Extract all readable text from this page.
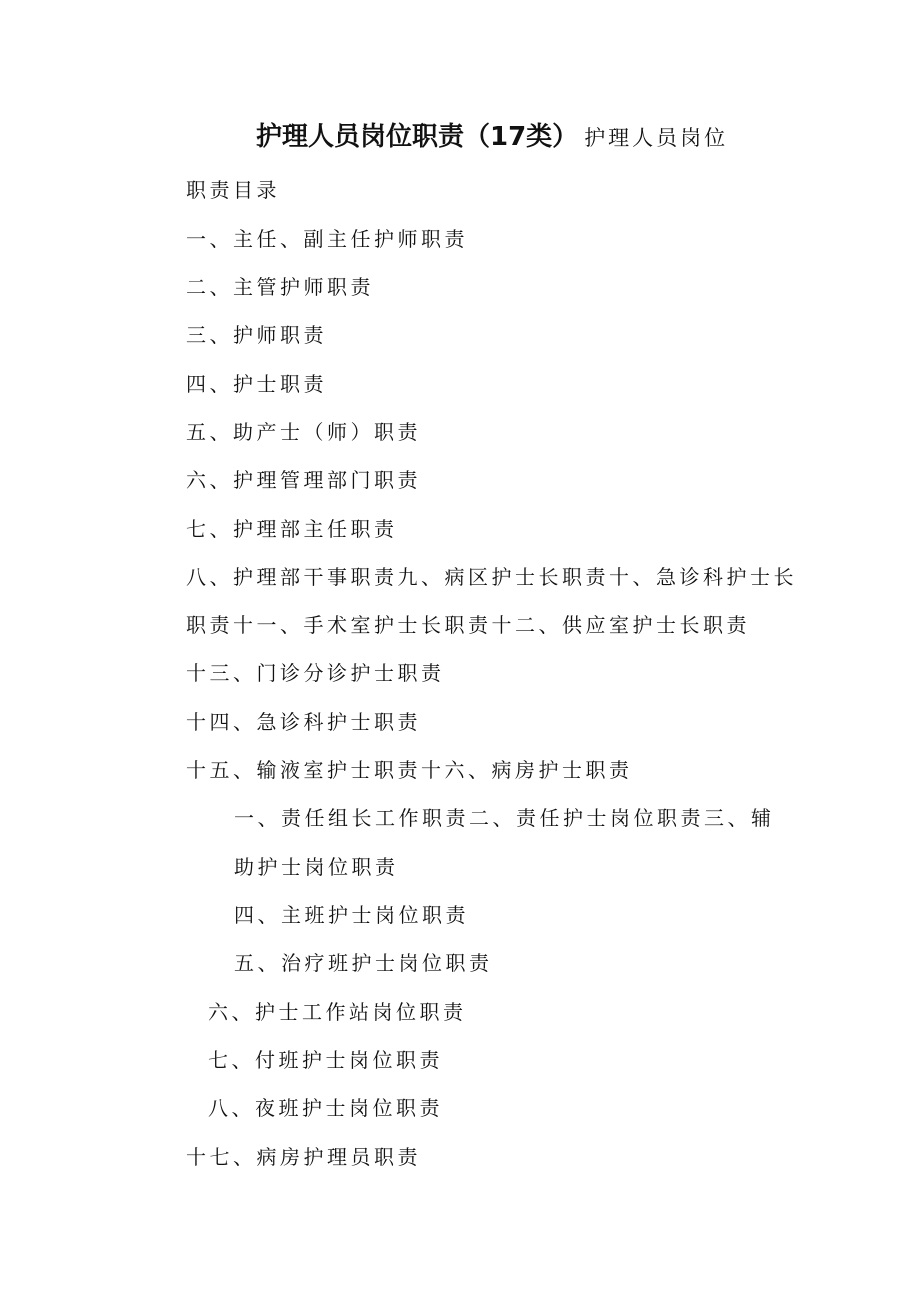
护理人员岗位职责（17类） 护理人员岗位
职责目录
一、主任、副主任护师职责
二、主管护师职责
三、护师职责
四、护士职责
五、助产士（师）职责
六、护理管理部门职责
七、护理部主任职责
八、护理部干事职责九、病区护士长职责十、急诊科护士长
职责十一、手术室护士长职责十二、供应室护士长职责
十三、门诊分诊护士职责
十四、急诊科护士职责
十五、输液室护士职责十六、病房护士职责
一、责任组长工作职责二、责任护士岗位职责三、辅
助护士岗位职责
四、主班护士岗位职责
五、治疗班护士岗位职责
六、护士工作站岗位职责
七、付班护士岗位职责
八、夜班护士岗位职责
十七、病房护理员职责
